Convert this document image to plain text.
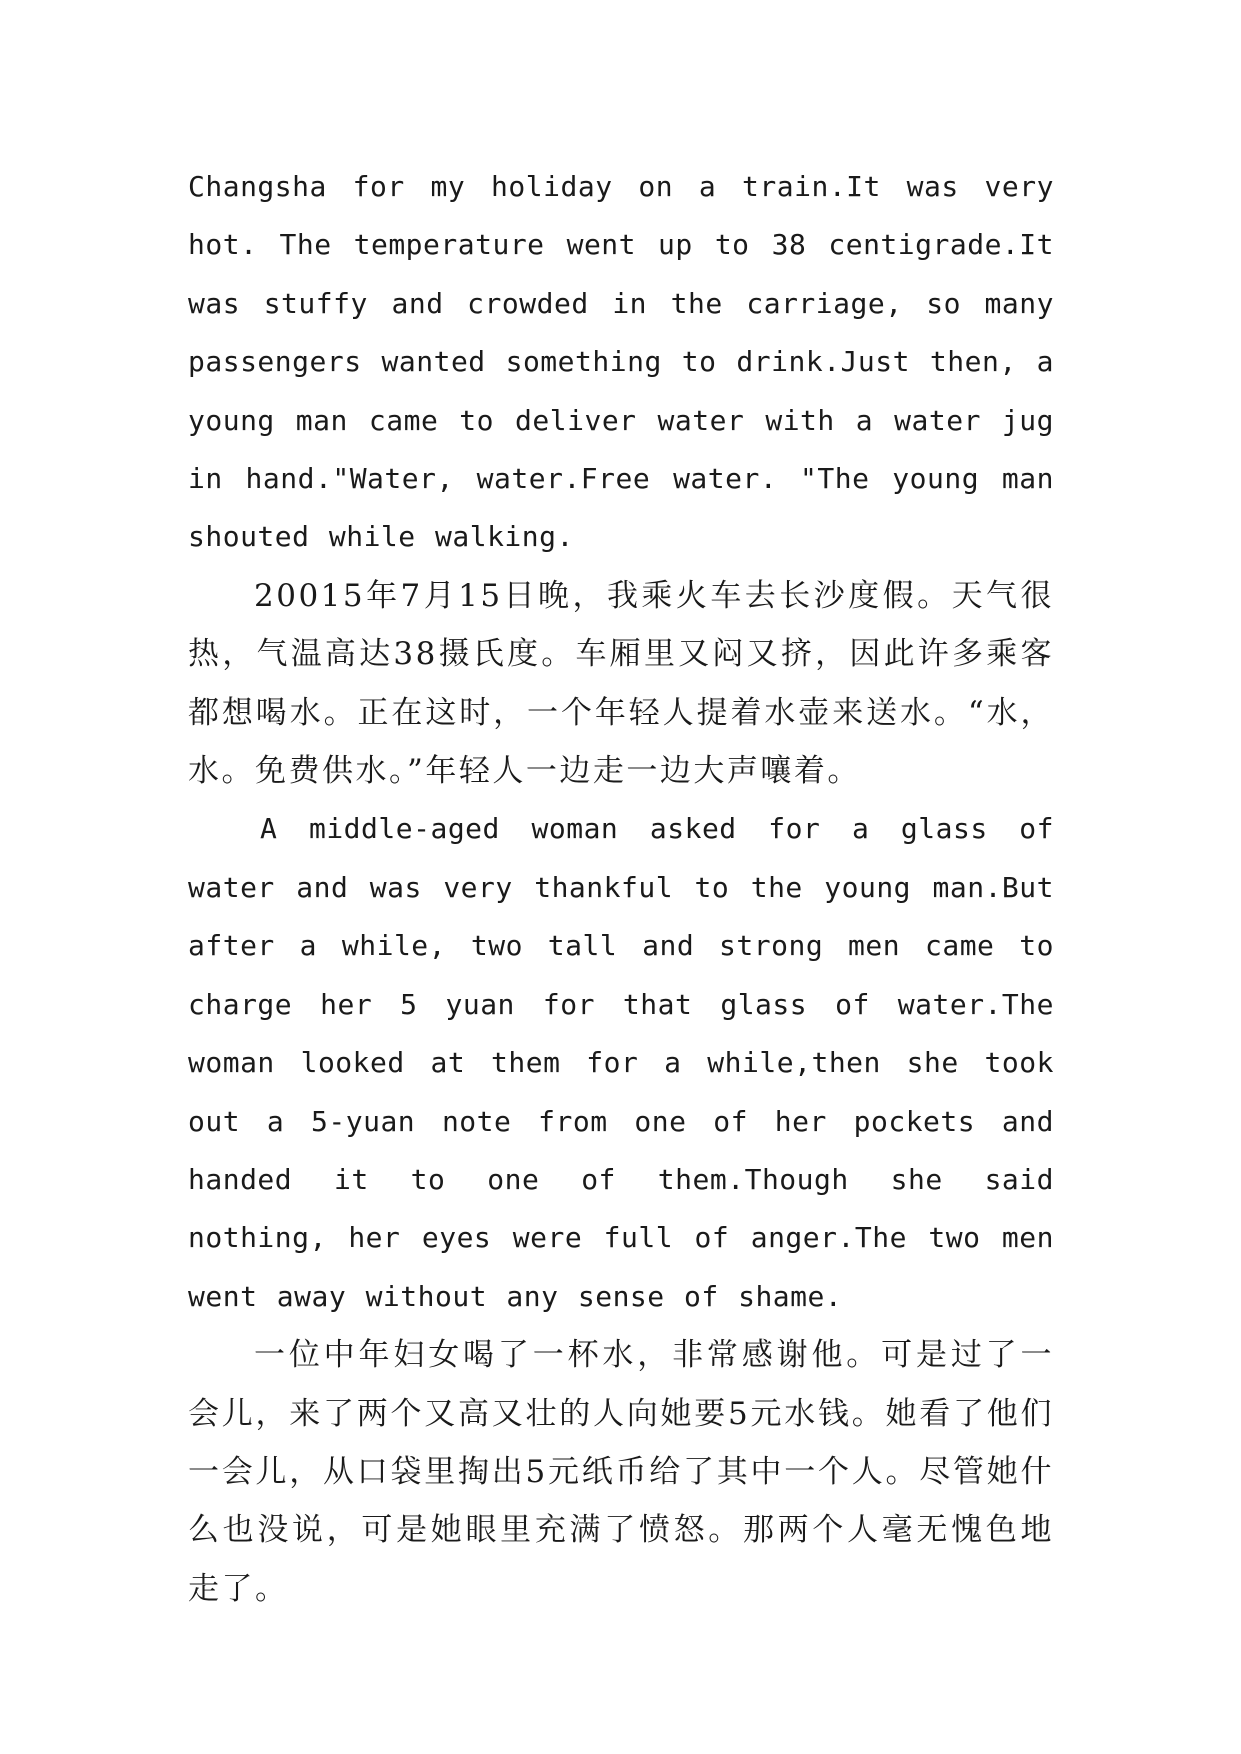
Changsha for my holiday on a train.It was very hot. The temperature went up to 38 centigrade.It was stuffy and crowded in the carriage, so many passengers wanted something to drink.Just then, a young man came to deliver water with a water jug in hand."Water, water.Free water. "The young man shouted while walking.

20015年7月15日晚，我乘火车去长沙度假。天气很热，气温高达38摄氏度。车厢里又闷又挤，因此许多乘客都想喝水。正在这时，一个年轻人提着水壶来送水。“水，水。免费供水。”年轻人一边走一边大声嚷着。

A middle-aged woman asked for a glass of water and was very thankful to the young man.But after a while, two tall and strong men came to charge her 5 yuan for that glass of water.The woman looked at them for a while,then she took out a 5-yuan note from one of her pockets and handed it to one of them.Though she said nothing, her eyes were full of anger.The two men went away without any sense of shame.

一位中年妇女喝了一杯水，非常感谢他。可是过了一会儿，来了两个又高又壮的人向她要5元水钱。她看了他们一会儿，从口袋里掏出5元纸币给了其中一个人。尽管她什么也没说，可是她眼里充满了愤怒。那两个人毫无愧色地走了。
